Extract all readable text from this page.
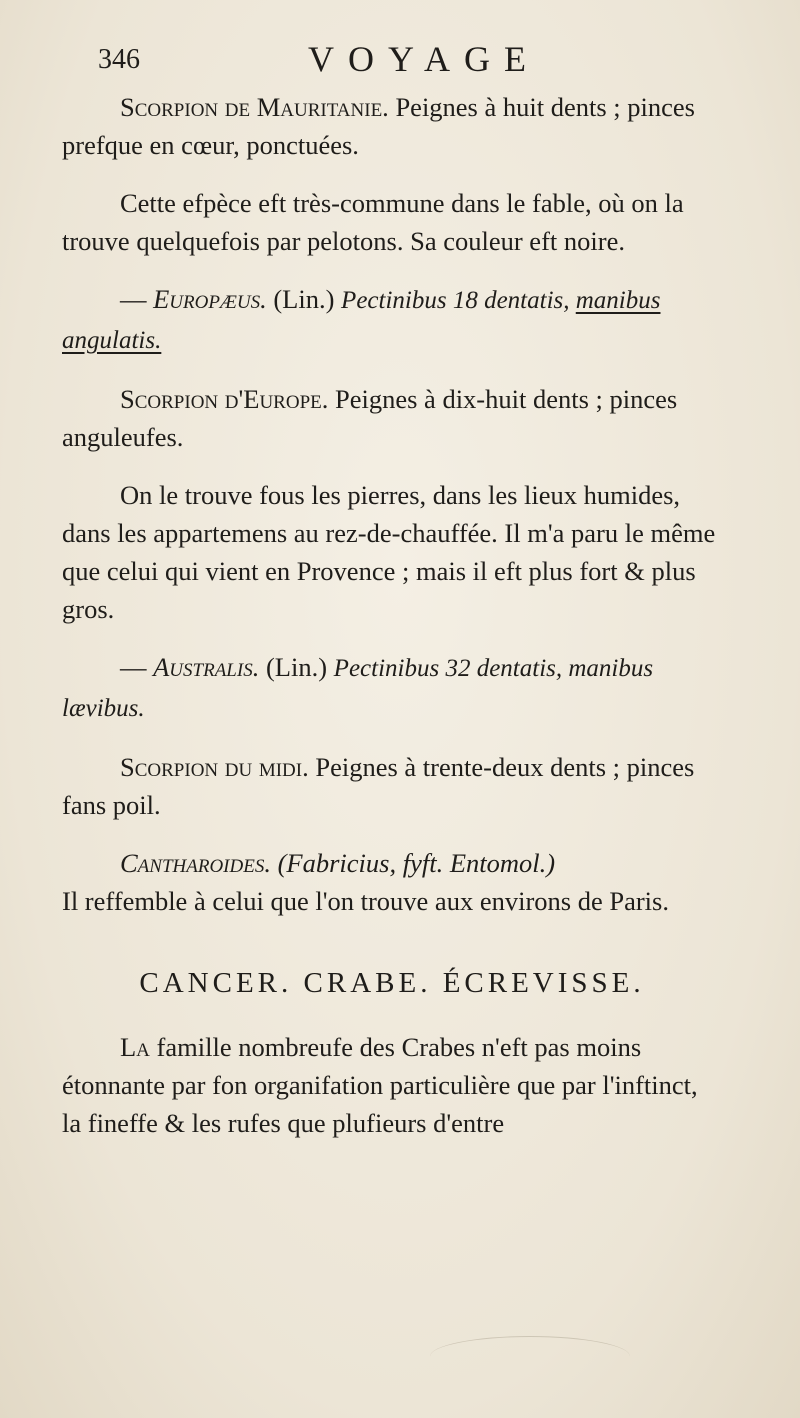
346	VOYAGE

Scorpion de Mauritanie. Peignes à huit dents ; pinces prefque en cœur, ponctuées.

Cette efpèce eft très-commune dans le fable, où on la trouve quelquefois par pelotons. Sa couleur eft noire.

— Europæus. (Lin.) Pectinibus 18 dentatis, manibus angulatis.

Scorpion d'Europe. Peignes à dix-huit dents ; pinces anguleufes.

On le trouve fous les pierres, dans les lieux humides, dans les appartemens au rez-de-chauffée. Il m'a paru le même que celui qui vient en Provence ; mais il eft plus fort & plus gros.

— Australis. (Lin.) Pectinibus 32 dentatis, manibus lævibus.

Scorpion du midi. Peignes à trente-deux dents ; pinces fans poil.

Cantharoides. (Fabricius, fyft. Entomol.)

Il reffemble à celui que l'on trouve aux environs de Paris.

CANCER. CRABE. ÉCREVISSE.

La famille nombreufe des Crabes n'eft pas moins étonnante par fon organifation particulière que par l'inftinct, la fineffe & les rufes que plufieurs d'entre
